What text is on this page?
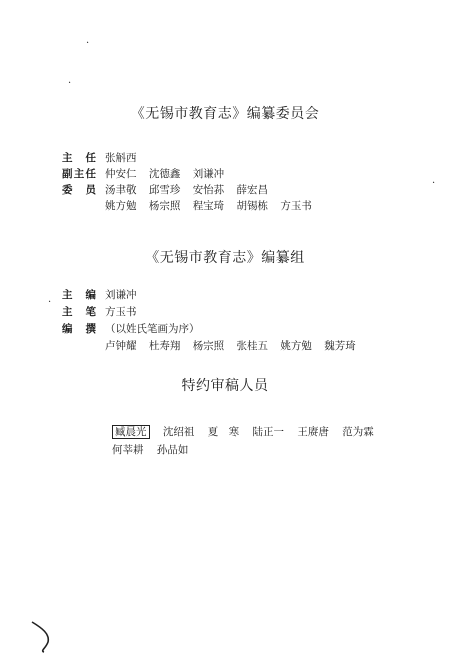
《无锡市教育志》编纂委员会
主 任 张斛西
副 主 任 仲安仁 沈德鑫 刘谦冲
委 员 汤聿敬 邱雪珍 安怡荪 薛宏昌
姚方勉 杨宗照 程宝琦 胡锡栋 方玉书
《无锡市教育志》编纂组
主 编 刘谦冲
主 笔 方玉书
编 撰 （以姓氏笔画为序）
卢钟耀 杜寿翔 杨宗照 张桂五 姚方勉 魏芳琦
特约审稿人员
臧晨光 沈绍祖 夏　寒 陆正一 王赓唐 范为霖
何莘耕 孙品如
·
·
·
·
